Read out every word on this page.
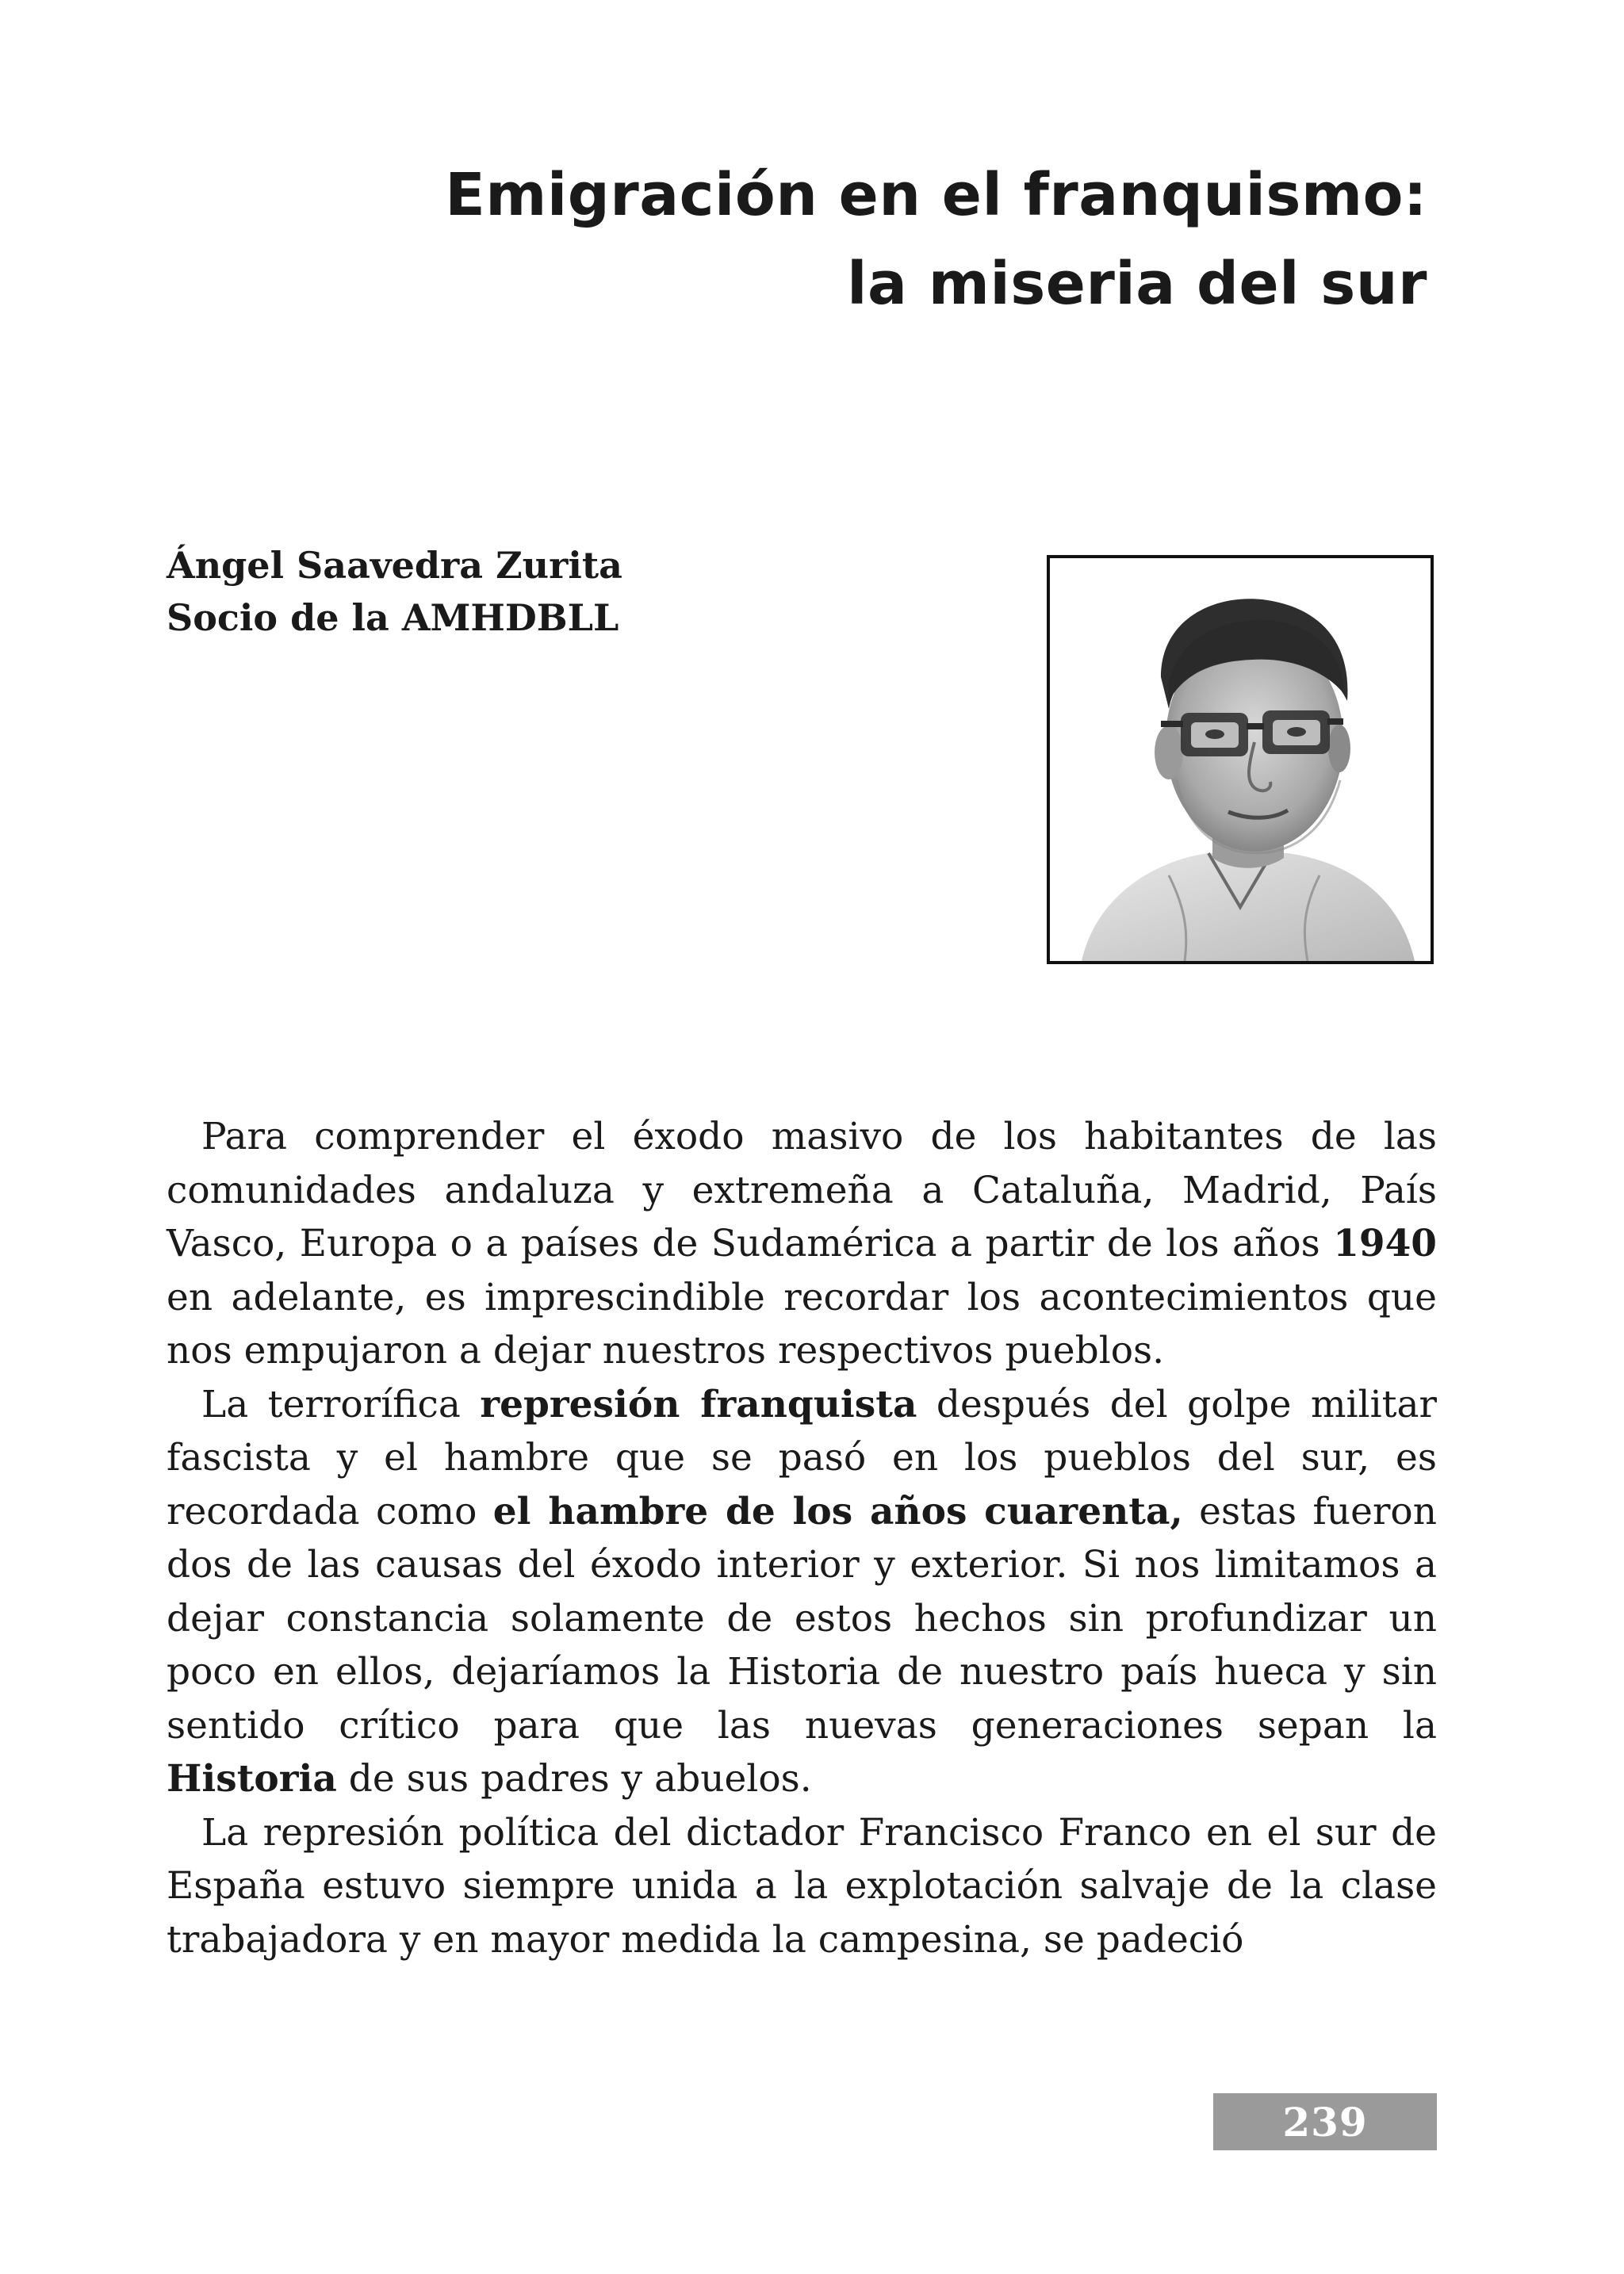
Emigración en el franquismo:
la miseria del sur
Ángel Saavedra Zurita
Socio de la AMHDBLL

Para comprender el éxodo masivo de los habitantes de las comunidades andaluza y extremeña a Cataluña, Madrid, País Vasco, Europa o a países de Sudamérica a partir de los años 1940 en adelante, es imprescindible recordar los acontecimientos que nos empujaron a dejar nuestros respectivos pueblos.

La terrorífica represión franquista después del golpe militar fascista y el hambre que se pasó en los pueblos del sur, es recordada como el hambre de los años cuarenta, estas fueron dos de las causas del éxodo interior y exterior. Si nos limitamos a dejar constancia solamente de estos hechos sin profundizar un poco en ellos, dejaríamos la Historia de nuestro país hueca y sin sentido crítico para que las nuevas generaciones sepan la Historia de sus padres y abuelos.

La represión política del dictador Francisco Franco en el sur de España estuvo siempre unida a la explotación salvaje de la clase trabajadora y en mayor medida la campesina, se padeció

239
